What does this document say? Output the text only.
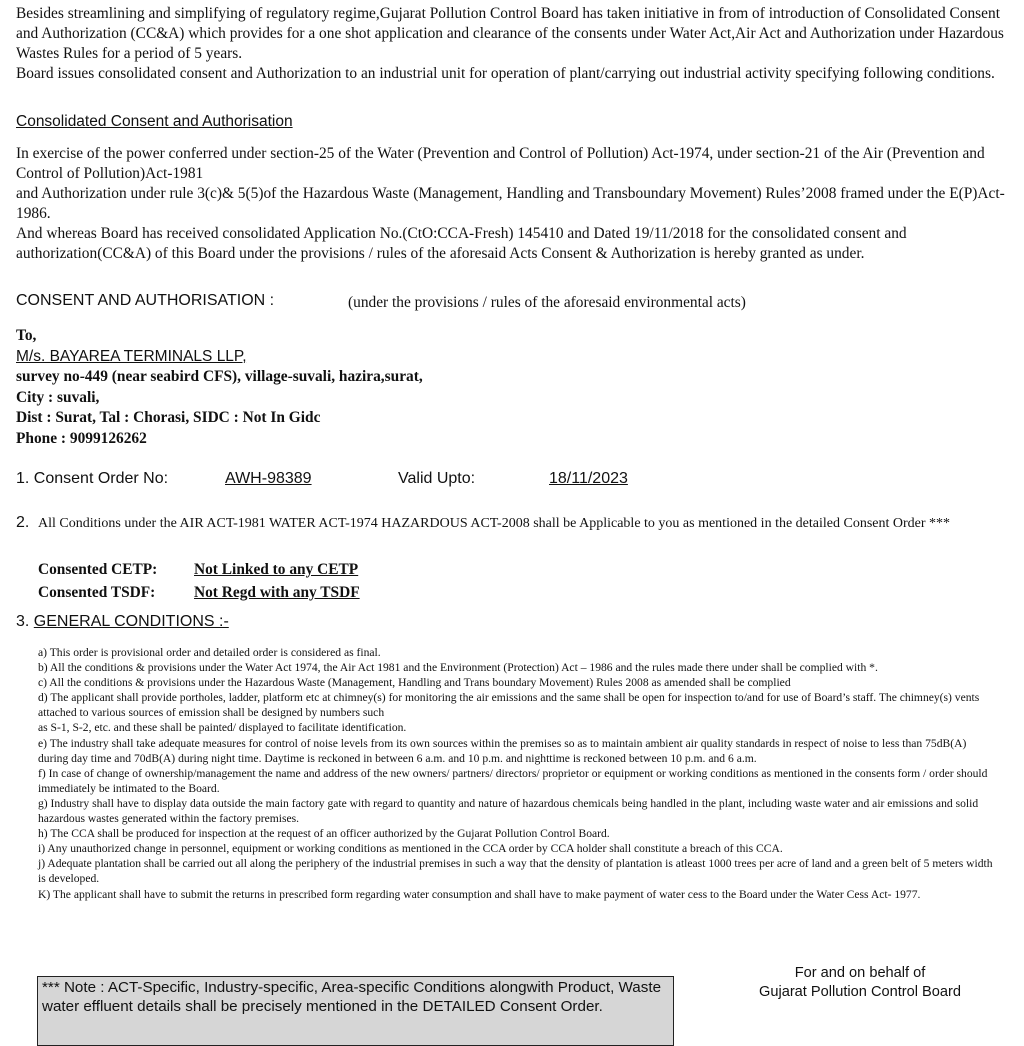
Besides streamlining and simplifying of regulatory regime,Gujarat Pollution Control Board has taken initiative in from of introduction of Consolidated Consent and Authorization (CC&A) which provides for a one shot application and clearance of the consents under Water Act,Air Act and Authorization under Hazardous Wastes Rules for a period of 5 years.

Board issues consolidated consent and Authorization to an industrial unit for operation of plant/carrying out industrial activity specifying following conditions.

Consolidated Consent and Authorisation
In exercise of the power conferred under section-25 of the Water (Prevention and Control of Pollution) Act-1974, under section-21 of the Air (Prevention and Control of Pollution)Act-1981
and Authorization under rule 3(c)& 5(5)of the Hazardous Waste (Management, Handling and Transboundary Movement) Rules’2008 framed under the E(P)Act-1986.
And whereas Board has received consolidated Application No.(CtO:CCA-Fresh) 145410 and Dated 19/11/2018 for the consolidated consent and authorization(CC&A) of this Board under the provisions / rules of the aforesaid Acts Consent & Authorization is hereby granted as under.
CONSENT AND AUTHORISATION :	(under the provisions / rules of the aforesaid environmental acts)
To,
M/s. BAYAREA TERMINALS LLP,
survey no-449 (near seabird CFS), village-suvali, hazira,surat,
City : suvali,
Dist : Surat, Tal : Chorasi, SIDC : Not In Gidc
Phone : 9099126262
1. Consent Order No:	AWH-98389	Valid Upto:	18/11/2023
2. All Conditions under the AIR ACT-1981 WATER ACT-1974 HAZARDOUS ACT-2008 shall be Applicable to you as mentioned in the detailed Consent Order ***
Consented CETP: Not Linked to any CETP
Consented TSDF:	Not Regd with any TSDF
3. GENERAL CONDITIONS :-
a) This order is provisional order and detailed order is considered as final.
b) All the conditions & provisions under the Water Act 1974, the Air Act 1981 and the Environment (Protection) Act – 1986 and the rules made there under shall be complied with *.
c) All the conditions & provisions under the Hazardous Waste (Management, Handling and Trans boundary Movement) Rules 2008 as amended shall be complied
d) The applicant shall provide portholes, ladder, platform etc at chimney(s) for monitoring the air emissions and the same shall be open for inspection to/and for use of Board’s staff. The chimney(s) vents attached to various sources of emission shall be designed by numbers such
as S-1, S-2, etc. and these shall be painted/ displayed to facilitate identification.
e) The industry shall take adequate measures for control of noise levels from its own sources within the premises so as to maintain ambient air quality standards in respect of noise to less than 75dB(A) during day time and 70dB(A) during night time. Daytime is reckoned in between 6 a.m. and 10 p.m. and nighttime is reckoned between 10 p.m. and 6 a.m.
f) In case of change of ownership/management the name and address of the new owners/ partners/ directors/ proprietor or equipment or working conditions as mentioned in the consents form / order should immediately be intimated to the Board.
g) Industry shall have to display data outside the main factory gate with regard to quantity and nature of hazardous chemicals being handled in the plant, including waste water and air emissions and solid hazardous wastes generated within the factory premises.
h) The CCA shall be produced for inspection at the request of an officer authorized by the Gujarat Pollution Control Board.
i) Any unauthorized change in personnel, equipment or working conditions as mentioned in the CCA order by CCA holder shall constitute a breach of this CCA.
j) Adequate plantation shall be carried out all along the periphery of the industrial premises in such a way that the density of plantation is atleast 1000 trees per acre of land and a green belt of 5 meters width is developed.
K) The applicant shall have to submit the returns in prescribed form regarding water consumption and shall have to make payment of water cess to the Board under the Water Cess Act- 1977.
*** Note : ACT-Specific, Industry-specific, Area-specific Conditions alongwith Product, Waste water effluent details shall be precisely mentioned in the DETAILED Consent Order.
For and on behalf of
Gujarat Pollution Control Board
